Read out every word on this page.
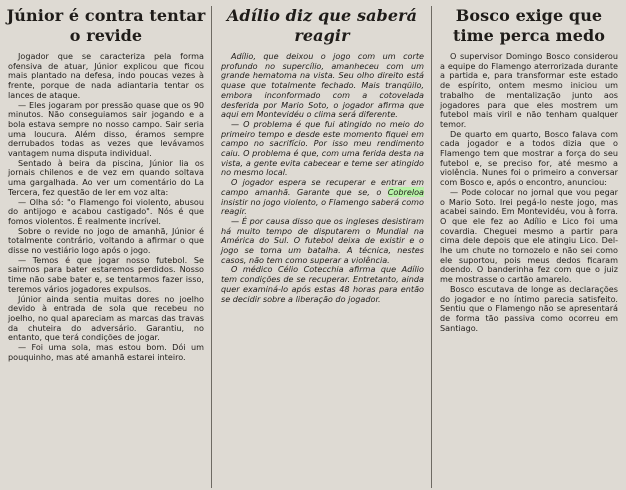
Júnior é contra tentar o revide

Jogador que se caracteriza pela forma ofensiva de atuar, Júnior explicou que ficou mais plantado na defesa, indo poucas vezes à frente, porque de nada adiantaria tentar os lances de ataque.

— Eles jogaram por pressão quase que os 90 minutos. Não conseguiamos sair jogando e a bola estava sempre no nosso campo. Sair seria uma loucura. Além disso, éramos sempre derrubados todas as vezes que levávamos vantagem numa disputa individual.

Sentado à beira da piscina, Júnior lia os jornais chilenos e de vez em quando soltava uma gargalhada. Ao ver um comentário do La Tercera, fez questão de ler em voz alta:

— Olha só: "o Flamengo foi violento, abusou do antijogo e acabou castigado". Nós é que fomos violentos. É realmente incrível.

Sobre o revide no jogo de amanhã, Júnior é totalmente contrário, voltando a afirmar o que disse no vestiário logo após o jogo.

— Temos é que jogar nosso futebol. Se sairmos para bater estaremos perdidos. Nosso time não sabe bater e, se tentarmos fazer isso, teremos vários jogadores expulsos.

Júnior ainda sentia muitas dores no joelho devido à entrada de sola que recebeu no joelho, no qual apareciam as marcas das travas da chuteira do adversário. Garantiu, no entanto, que terá condições de jogar.

— Foi uma sola, mas estou bom. Dói um pouquinho, mas até amanhã estarei inteiro.

Adílio diz que saberá reagir

Adílio, que deixou o jogo com um corte profundo no supercílio, amanheceu com um grande hematoma na vista. Seu olho direito está quase que totalmente fechado. Mais tranqüilo, embora inconformado com a cotovelada desferida por Mario Soto, o jogador afirma que aqui em Montevidéu o clima será diferente.

— O problema é que fui atingido no meio do primeiro tempo e desde este momento fiquei em campo no sacrifício. Por isso meu rendimento caiu. O problema é que, com uma ferida desta na vista, a gente evita cabecear e teme ser atingido no mesmo local.

O jogador espera se recuperar e entrar em campo amanhã. Garante que se, o Cobreloa insistir no jogo violento, o Flamengo saberá como reagir.

— É por causa disso que os ingleses desistiram há muito tempo de disputarem o Mundial na América do Sul. O futebol deixa de existir e o jogo se torna um batalha. A técnica, nestes casos, não tem como superar a violência.

O médico Célio Cotecchia afirma que Adílio tem condições de se recuperar. Entretanto, ainda quer examiná-lo após estas 48 horas para então se decidir sobre a liberação do jogador.

Bosco exige que time perca medo

O supervisor Domingo Bosco considerou a equipe do Flamengo aterrorizada durante a partida e, para transformar este estado de espírito, ontem mesmo iniciou um trabalho de mentalização junto aos jogadores para que eles mostrem um futebol mais viril e não tenham qualquer temor.

De quarto em quarto, Bosco falava com cada jogador e a todos dizia que o Flamengo tem que mostrar a força do seu futebol e, se preciso for, até mesmo a violência. Nunes foi o primeiro a conversar com Bosco e, após o encontro, anunciou:

— Pode colocar no jornal que vou pegar o Mario Soto. Irei pegá-lo neste jogo, mas acabei saindo. Em Montevidéu, vou à forra. O que ele fez ao Adílio e Lico foi uma covardia. Cheguei mesmo a partir para cima dele depois que ele atingiu Lico. Del-lhe um chute no tornozelo e não sei como ele suportou, pois meus dedos ficaram doendo. O banderinha fez com que o juiz me mostrasse o cartão amarelo.

Bosco escutava de longe as declarações do jogador e no íntimo parecia satisfeito. Sentiu que o Flamengo não se apresentará de forma tão passiva como ocorreu em Santiago.
